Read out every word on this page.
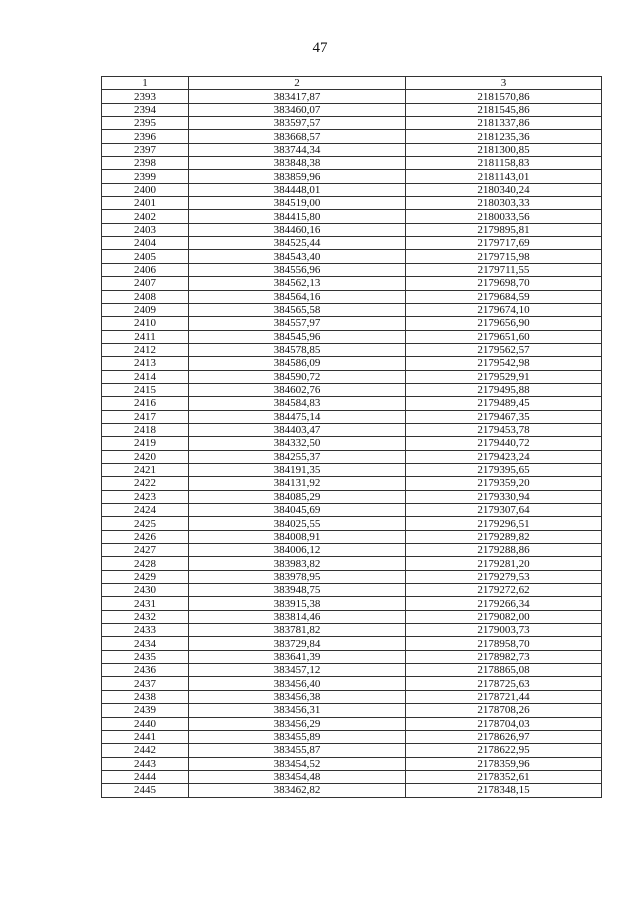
47
1	2	3
2393	383417,87	2181570,86
2394	383460,07	2181545,86
2395	383597,57	2181337,86
2396	383668,57	2181235,36
2397	383744,34	2181300,85
2398	383848,38	2181158,83
2399	383859,96	2181143,01
2400	384448,01	2180340,24
2401	384519,00	2180303,33
2402	384415,80	2180033,56
2403	384460,16	2179895,81
2404	384525,44	2179717,69
2405	384543,40	2179715,98
2406	384556,96	2179711,55
2407	384562,13	2179698,70
2408	384564,16	2179684,59
2409	384565,58	2179674,10
2410	384557,97	2179656,90
2411	384545,96	2179651,60
2412	384578,85	2179562,57
2413	384586,09	2179542,98
2414	384590,72	2179529,91
2415	384602,76	2179495,88
2416	384584,83	2179489,45
2417	384475,14	2179467,35
2418	384403,47	2179453,78
2419	384332,50	2179440,72
2420	384255,37	2179423,24
2421	384191,35	2179395,65
2422	384131,92	2179359,20
2423	384085,29	2179330,94
2424	384045,69	2179307,64
2425	384025,55	2179296,51
2426	384008,91	2179289,82
2427	384006,12	2179288,86
2428	383983,82	2179281,20
2429	383978,95	2179279,53
2430	383948,75	2179272,62
2431	383915,38	2179266,34
2432	383814,46	2179082,00
2433	383781,82	2179003,73
2434	383729,84	2178958,70
2435	383641,39	2178982,73
2436	383457,12	2178865,08
2437	383456,40	2178725,63
2438	383456,38	2178721,44
2439	383456,31	2178708,26
2440	383456,29	2178704,03
2441	383455,89	2178626,97
2442	383455,87	2178622,95
2443	383454,52	2178359,96
2444	383454,48	2178352,61
2445	383462,82	2178348,15
